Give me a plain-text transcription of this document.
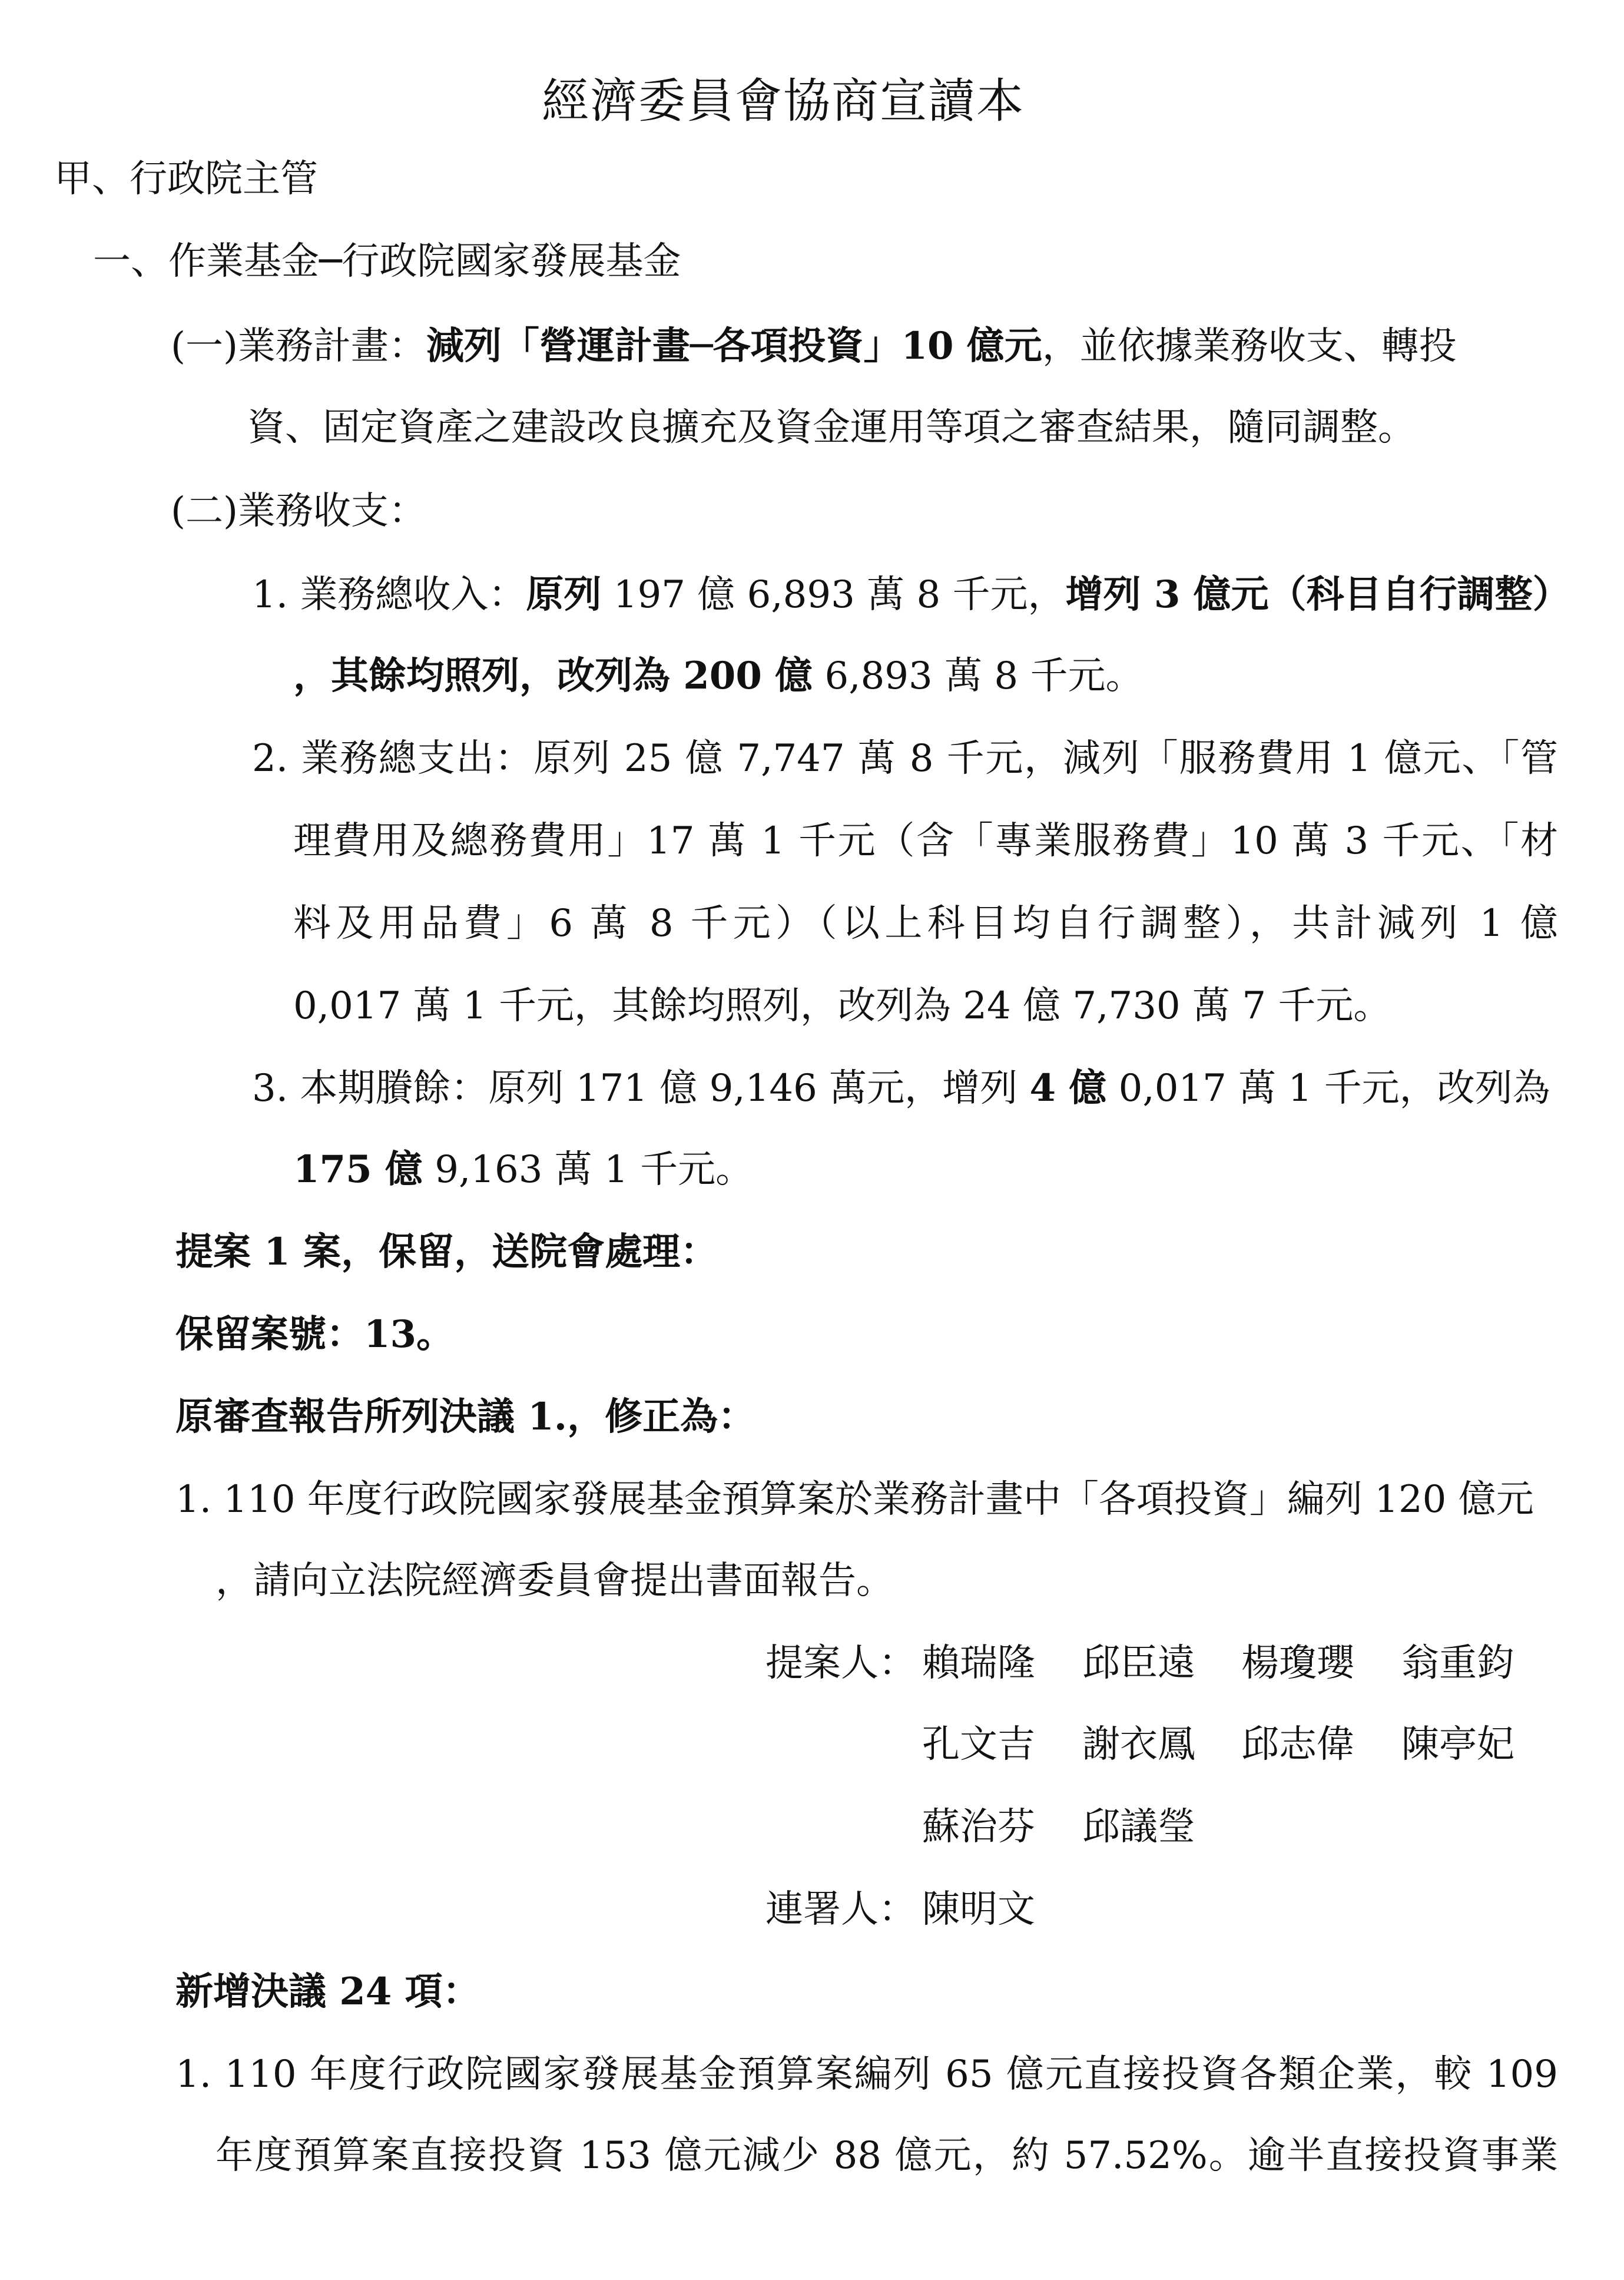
經濟委員會協商宣讀本

甲、行政院主管

一、作業基金─行政院國家發展基金

(一)業務計畫：減列「營運計畫─各項投資」10 億元，並依據業務收支、轉投

資、固定資產之建設改良擴充及資金運用等項之審查結果，隨同調整。

(二)業務收支：

1. 業務總收入：原列 197 億 6,893 萬 8 千元，增列 3 億元（科目自行調整）

，其餘均照列，改列為 200 億 6,893 萬 8 千元。

2. 業務總支出：原列 25 億 7,747 萬 8 千元，減列「服務費用 1 億元、「管

理費用及總務費用」17 萬 1 千元（含「專業服務費」10 萬 3 千元、「材

料及用品費」6 萬 8 千元）（以上科目均自行調整），共計減列 1 億

0,017 萬 1 千元，其餘均照列，改列為 24 億 7,730 萬 7 千元。

3. 本期賸餘：原列 171 億 9,146 萬元，增列 4 億 0,017 萬 1 千元，改列為

175 億 9,163 萬 1 千元。

提案 1 案，保留，送院會處理：

保留案號：13。

原審查報告所列決議 1.，修正為：

1. 110 年度行政院國家發展基金預算案於業務計畫中「各項投資」編列 120 億元

，請向立法院經濟委員會提出書面報告。

提案人： 賴瑞隆 邱臣遠 楊瓊瓔 翁重鈞
孔文吉 謝衣鳳 邱志偉 陳亭妃
蘇治芬 邱議瑩
連署人： 陳明文

新增決議 24 項：

1. 110 年度行政院國家發展基金預算案編列 65 億元直接投資各類企業，較 109

年度預算案直接投資 153 億元減少 88 億元，約 57.52%。逾半直接投資事業
